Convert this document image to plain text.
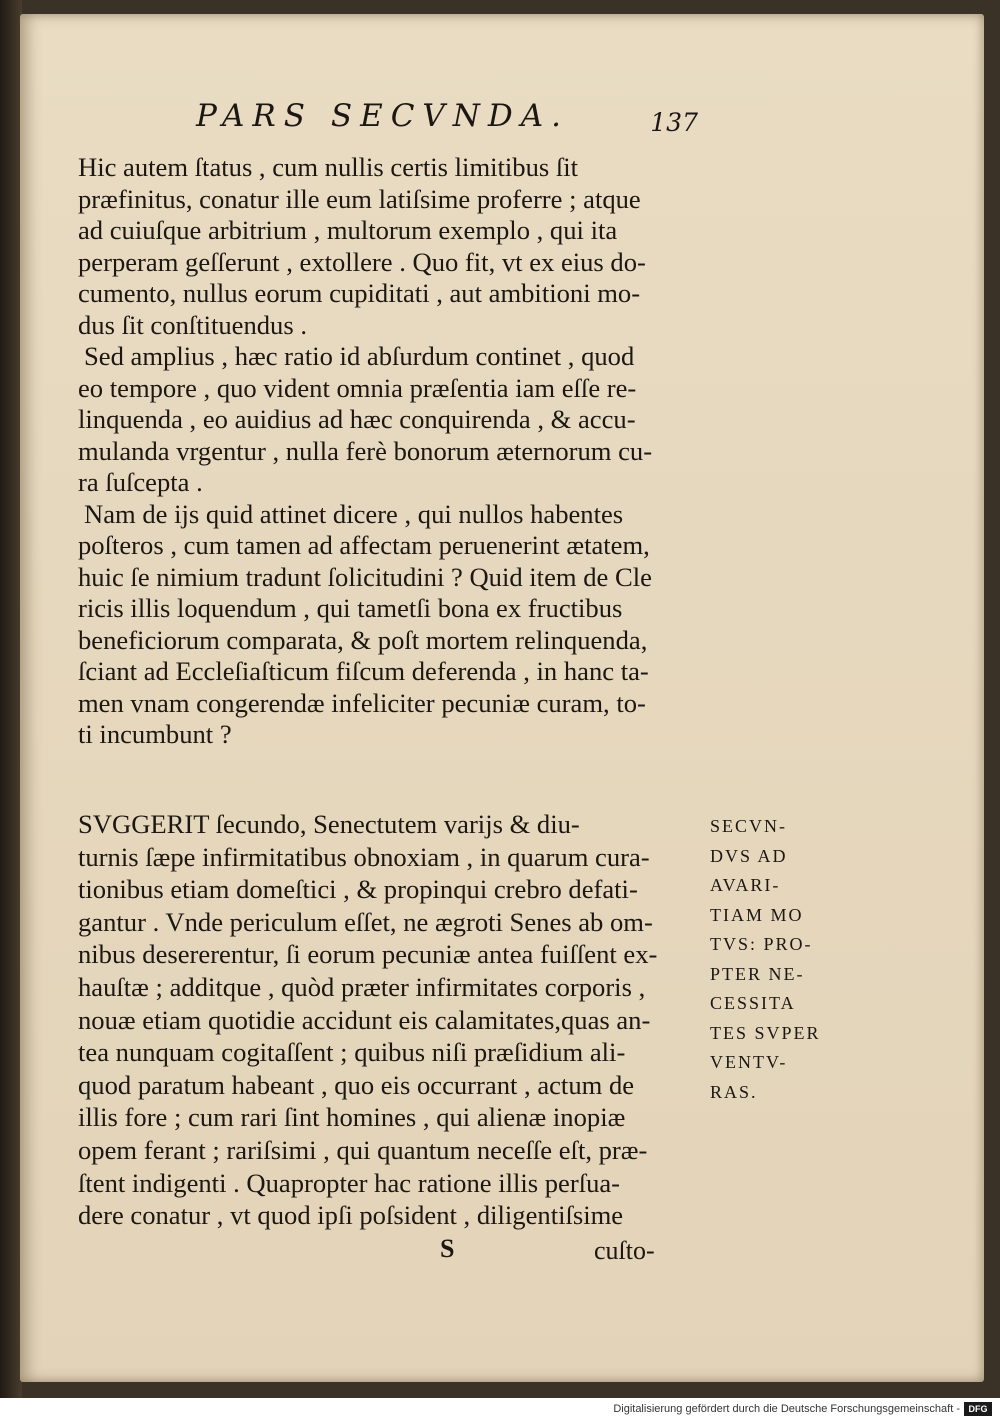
PARS SECVNDA.	137
Hic autem ſtatus , cum nullis certis limitibus ſit
præfinitus, conatur ille eum latiſsime proferre ; atque
ad cuiuſque arbitrium , multorum exemplo , qui ita
perperam geſſerunt , extollere . Quo fit, vt ex eius do-
cumento, nullus eorum cupiditati , aut ambitioni mo-
dus ſit conſtituendus .
Sed amplius , hæc ratio id abſurdum continet , quod
eo tempore , quo vident omnia præſentia iam eſſe re-
linquenda , eo auidius ad hæc conquirenda , & accu-
mulanda vrgentur , nulla ferè bonorum æternorum cu-
ra ſuſcepta .
Nam de ijs quid attinet dicere , qui nullos habentes
poſteros , cum tamen ad affectam peruenerint ætatem,
huic ſe nimium tradunt ſolicitudini ? Quid item de Cle
ricis illis loquendum , qui tametſi bona ex fructibus
beneficiorum comparata, & poſt mortem relinquenda,
ſciant ad Eccleſiaſticum fiſcum deferenda , in hanc ta-
men vnam congerendæ infeliciter pecuniæ curam, to-
ti incumbunt ?
SVGGERIT ſecundo, Senectutem varijs & diu-
turnis ſæpe infirmitatibus obnoxiam , in quarum cura-
tionibus etiam domeſtici , & propinqui crebro defati-
gantur . Vnde periculum eſſet, ne ægroti Senes ab om-
nibus desererentur, ſi eorum pecuniæ antea fuiſſent ex-
hauſtæ ; additque , quòd præter infirmitates corporis ,
nouæ etiam quotidie accidunt eis calamitates,quas an-
tea nunquam cogitaſſent ; quibus niſi præſidium ali-
quod paratum habeant , quo eis occurrant , actum de
illis fore ; cum rari ſint homines , qui alienæ inopiæ
opem ferant ; rariſsimi , qui quantum neceſſe eſt, præ-
ſtent indigenti . Quapropter hac ratione illis perſua-
dere conatur , vt quod ipſi poſsident , diligentiſsime
SECVN-
DVS AD
AVARI-
TIAM MO
TVS: PRO-
PTER NE-
CESSITA
TES SVPER
VENTV-
RAS.
S	cuſto-
Digitalisierung gefördert durch die Deutsche Forschungsgemeinschaft - DFG
